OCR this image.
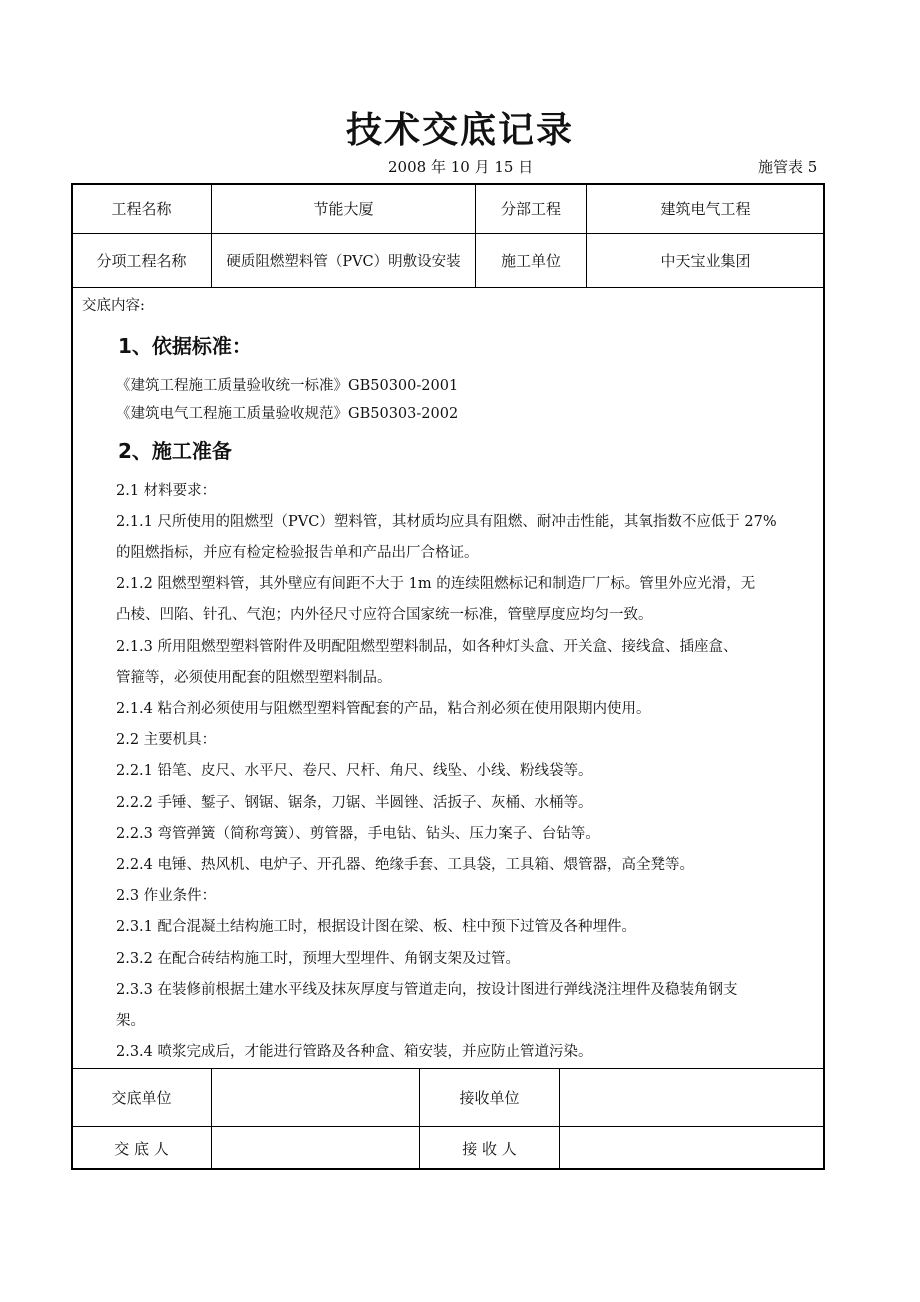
技术交底记录
2008 年 10 月 15 日	施管表 5
工程名称	节能大厦	分部工程	建筑电气工程
分项工程名称	硬质阻燃塑料管（PVC）明敷设安装	施工单位	中天宝业集团
交底内容:
1、依据标准：
《建筑工程施工质量验收统一标准》GB50300-2001
《建筑电气工程施工质量验收规范》GB50303-2002
2、施工准备
2.1 材料要求：
2.1.1 尺所使用的阻燃型（PVC）塑料管，其材质均应具有阻燃、耐冲击性能，其氧指数不应低于 27%
的阻燃指标，并应有检定检验报告单和产品出厂合格证。
2.1.2 阻燃型塑料管，其外壁应有间距不大于 1m 的连续阻燃标记和制造厂厂标。管里外应光滑，无
凸棱、凹陷、针孔、气泡；内外径尺寸应符合国家统一标准，管壁厚度应均匀一致。
2.1.3 所用阻燃型塑料管附件及明配阻燃型塑料制品，如各种灯头盒、开关盒、接线盒、插座盒、
管箍等，必须使用配套的阻燃型塑料制品。
2.1.4 粘合剂必须使用与阻燃型塑料管配套的产品，粘合剂必须在使用限期内使用。
2.2 主要机具：
2.2.1 铅笔、皮尺、水平尺、卷尺、尺杆、角尺、线坠、小线、粉线袋等。
2.2.2 手锤、錾子、钢锯、锯条，刀锯、半圆锉、活扳子、灰桶、水桶等。
2.2.3 弯管弹簧（简称弯簧）、剪管器，手电钻、钻头、压力案子、台钻等。
2.2.4 电锤、热风机、电炉子、开孔器、绝缘手套、工具袋，工具箱、煨管器，高全凳等。
2.3 作业条件：
2.3.1 配合混凝土结构施工时，根据设计图在梁、板、柱中预下过管及各种埋件。
2.3.2 在配合砖结构施工时，预埋大型埋件、角钢支架及过管。
2.3.3 在装修前根据土建水平线及抹灰厚度与管道走向，按设计图进行弹线浇注埋件及稳装角钢支
架。
2.3.4 喷浆完成后，才能进行管路及各种盒、箱安装，并应防止管道污染。
交底单位	接收单位
交 底 人	接 收 人
